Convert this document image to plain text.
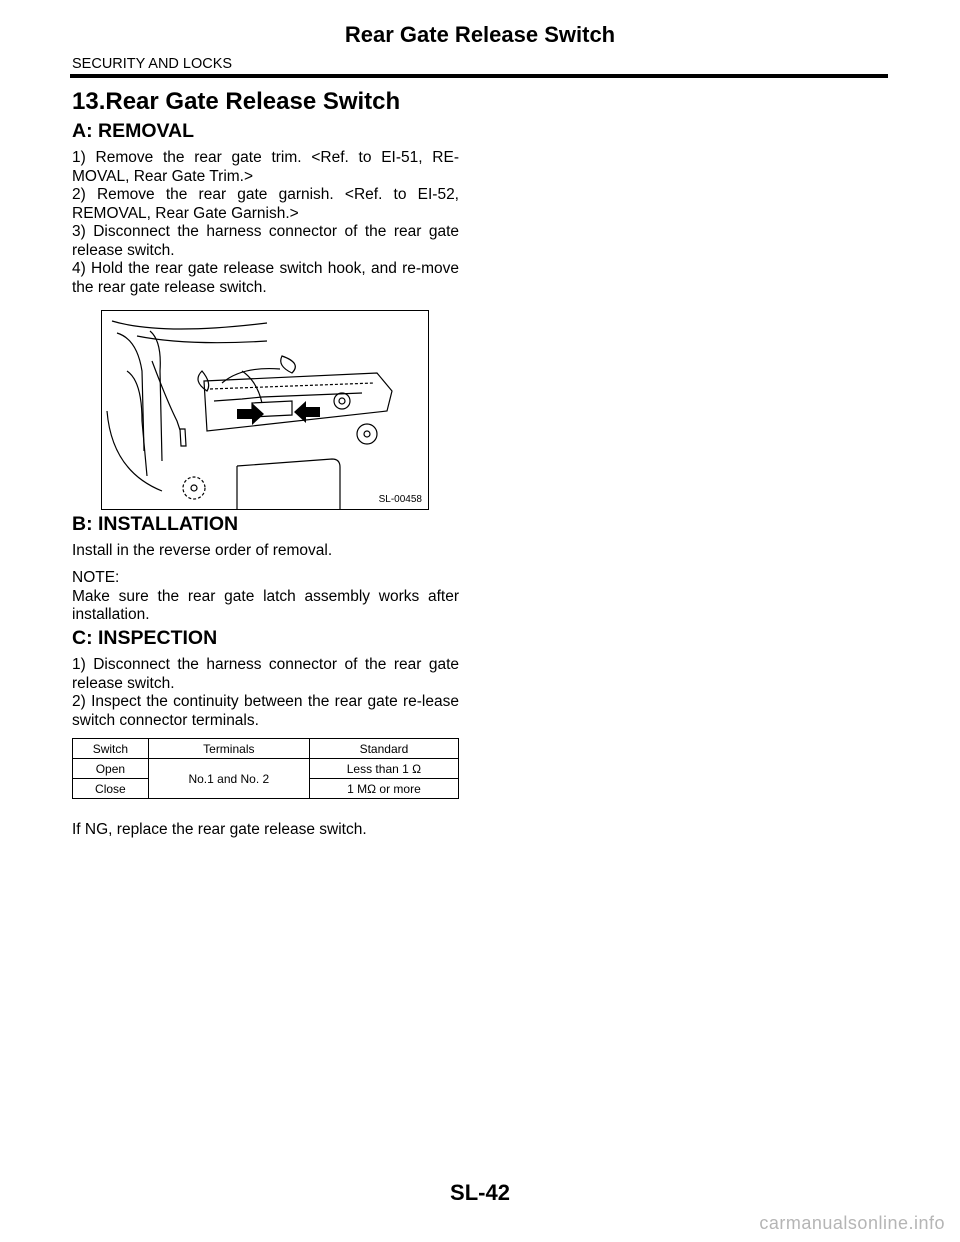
Rear Gate Release Switch
SECURITY AND LOCKS
13.Rear Gate Release Switch
A: REMOVAL

1) Remove the rear gate trim. <Ref. to EI-51, RE-MOVAL, Rear Gate Trim.>

2) Remove the rear gate garnish. <Ref. to EI-52, REMOVAL, Rear Gate Garnish.>

3) Disconnect the harness connector of the rear gate release switch.

4) Hold the rear gate release switch hook, and re-move the rear gate release switch.

SL-00458
B: INSTALLATION
Install in the reverse order of removal.

NOTE:

Make sure the rear gate latch assembly works after installation.

C: INSPECTION

1) Disconnect the harness connector of the rear gate release switch.

2) Inspect the continuity between the rear gate re-lease switch connector terminals.

Switch	Terminals	Standard
Open	No.1 and No. 2	Less than 1 Ω
Close		1 MΩ or more
If NG, replace the rear gate release switch.
SL-42
carmanualsonline.info
